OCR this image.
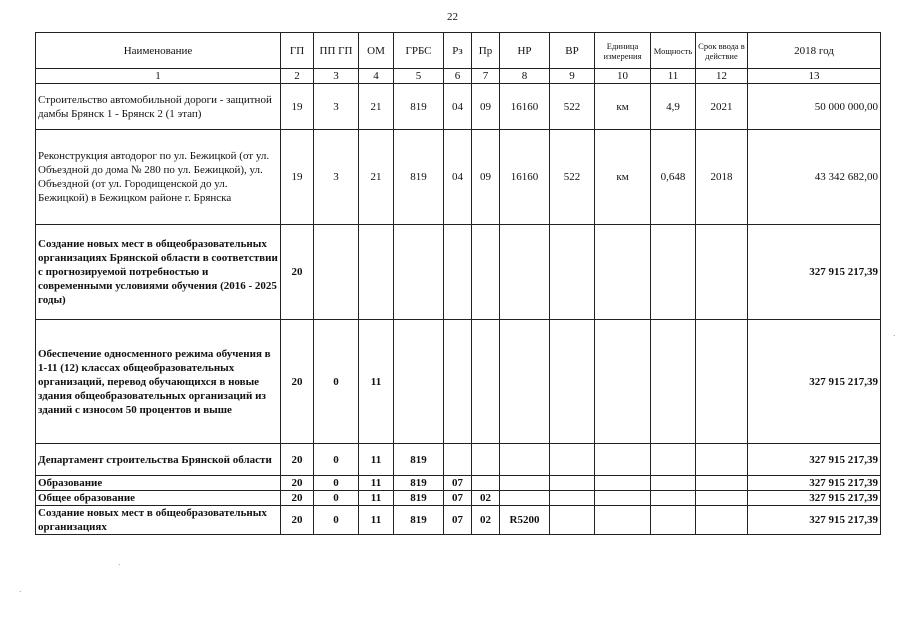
22
Наименование	ГП	ПП ГП	ОМ	ГРБС	Рз	Пр	НР	ВР	Единица измерения	Мощность	Срок ввода в действие	2018 год
1	2	3	4	5	6	7	8	9	10	11	12	13
Строительство автомобильной дороги - защитной дамбы Брянск 1 - Брянск 2 (1 этап)	19	3	21	819	04	09	16160	522	км	4,9	2021	50 000 000,00
Реконструкция автодорог по ул. Бежицкой (от ул. Объездной до дома № 280 по ул. Бежицкой), ул. Объездной (от ул. Городищенской до ул. Бежицкой) в Бежицком районе г. Брянска	19	3	21	819	04	09	16160	522	км	0,648	2018	43 342 682,00
Создание новых мест в общеобразовательных организациях Брянской области в соответствии с прогнозируемой потребностью и современными условиями обучения (2016 - 2025 годы)	20											327 915 217,39
Обеспечение односменного режима обучения в 1-11 (12) классах общеобразовательных организаций, перевод обучающихся в новые здания общеобразовательных организаций из зданий с износом 50 процентов и выше	20	0	11									327 915 217,39
Департамент строительства Брянской области	20	0	11	819								327 915 217,39
Образование	20	0	11	819	07							327 915 217,39
Общее образование	20	0	11	819	07	02						327 915 217,39
Создание новых мест в общеобразовательных организациях	20	0	11	819	07	02	R5200					327 915 217,39
·
·
·
